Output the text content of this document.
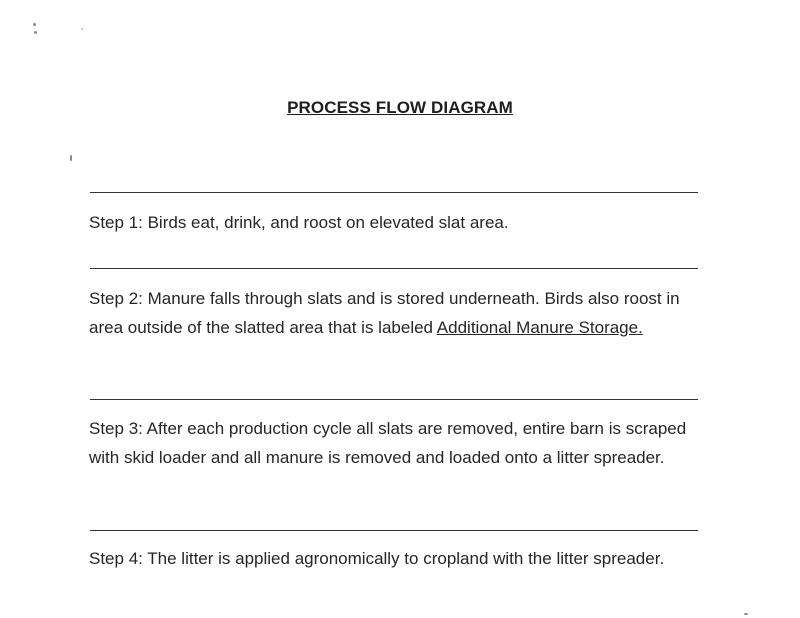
PROCESS FLOW DIAGRAM

Step 1: Birds eat, drink, and roost on elevated slat area.

Step 2: Manure falls through slats and is stored underneath. Birds also roost in area outside of the slatted area that is labeled Additional Manure Storage.

Step 3: After each production cycle all slats are removed, entire barn is scraped with skid loader and all manure is removed and loaded onto a litter spreader.

Step 4: The litter is applied agronomically to cropland with the litter spreader.
